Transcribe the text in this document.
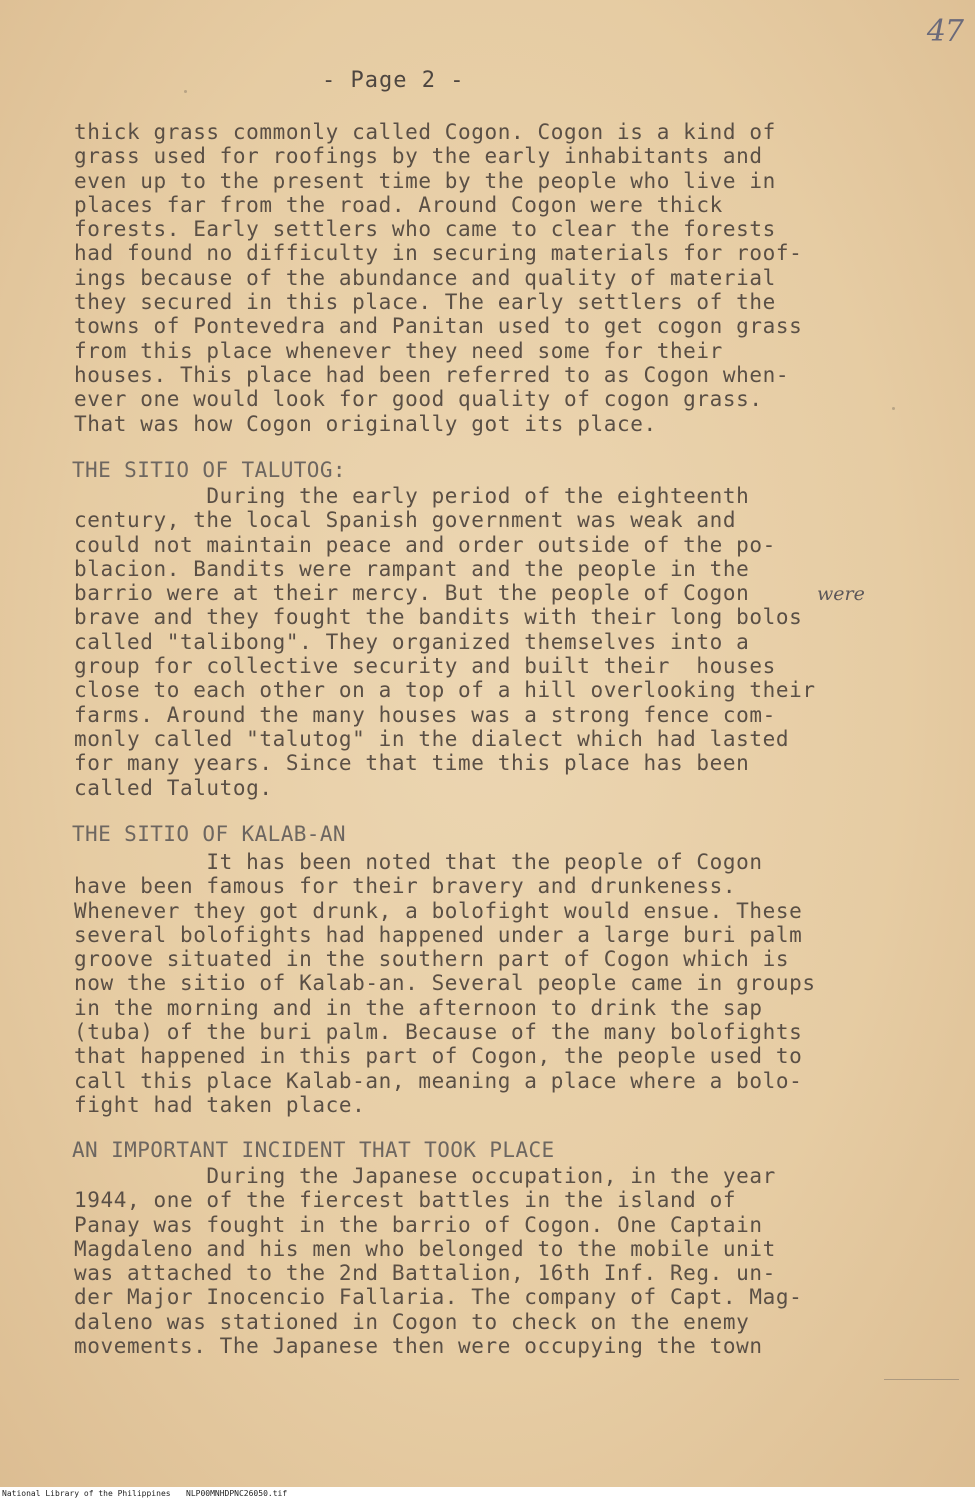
47
- Page 2 -
thick grass commonly called Cogon. Cogon is a kind of
grass used for roofings by the early inhabitants and
even up to the present time by the people who live in
places far from the road. Around Cogon were thick
forests. Early settlers who came to clear the forests
had found no difficulty in securing materials for roof-
ings because of the abundance and quality of material
they secured in this place. The early settlers of the
towns of Pontevedra and Panitan used to get cogon grass
from this place whenever they need some for their
houses. This place had been referred to as Cogon when-
ever one would look for good quality of cogon grass.
That was how Cogon originally got its place.
THE SITIO OF TALUTOG:
During the early period of the eighteenth
century, the local Spanish government was weak and
could not maintain peace and order outside of the po-
blacion. Bandits were rampant and the people in the
barrio were at their mercy. But the people of Cogon
brave and they fought the bandits with their long bolos
called "talibong". They organized themselves into a
group for collective security and built their  houses
close to each other on a top of a hill overlooking their
farms. Around the many houses was a strong fence com-
monly called "talutog" in the dialect which had lasted
for many years. Since that time this place has been
called Talutog.
were
THE SITIO OF KALAB-AN
It has been noted that the people of Cogon
have been famous for their bravery and drunkeness.
Whenever they got drunk, a bolofight would ensue. These
several bolofights had happened under a large buri palm
groove situated in the southern part of Cogon which is
now the sitio of Kalab-an. Several people came in groups
in the morning and in the afternoon to drink the sap
(tuba) of the buri palm. Because of the many bolofights
that happened in this part of Cogon, the people used to
call this place Kalab-an, meaning a place where a bolo-
fight had taken place.
AN IMPORTANT INCIDENT THAT TOOK PLACE
During the Japanese occupation, in the year
1944, one of the fiercest battles in the island of
Panay was fought in the barrio of Cogon. One Captain
Magdaleno and his men who belonged to the mobile unit
was attached to the 2nd Battalion, 16th Inf. Reg. un-
der Major Inocencio Fallaria. The company of Capt. Mag-
daleno was stationed in Cogon to check on the enemy
movements. The Japanese then were occupying the town
National Library of the Philippines NLP00MNHDPNC26050.tif
